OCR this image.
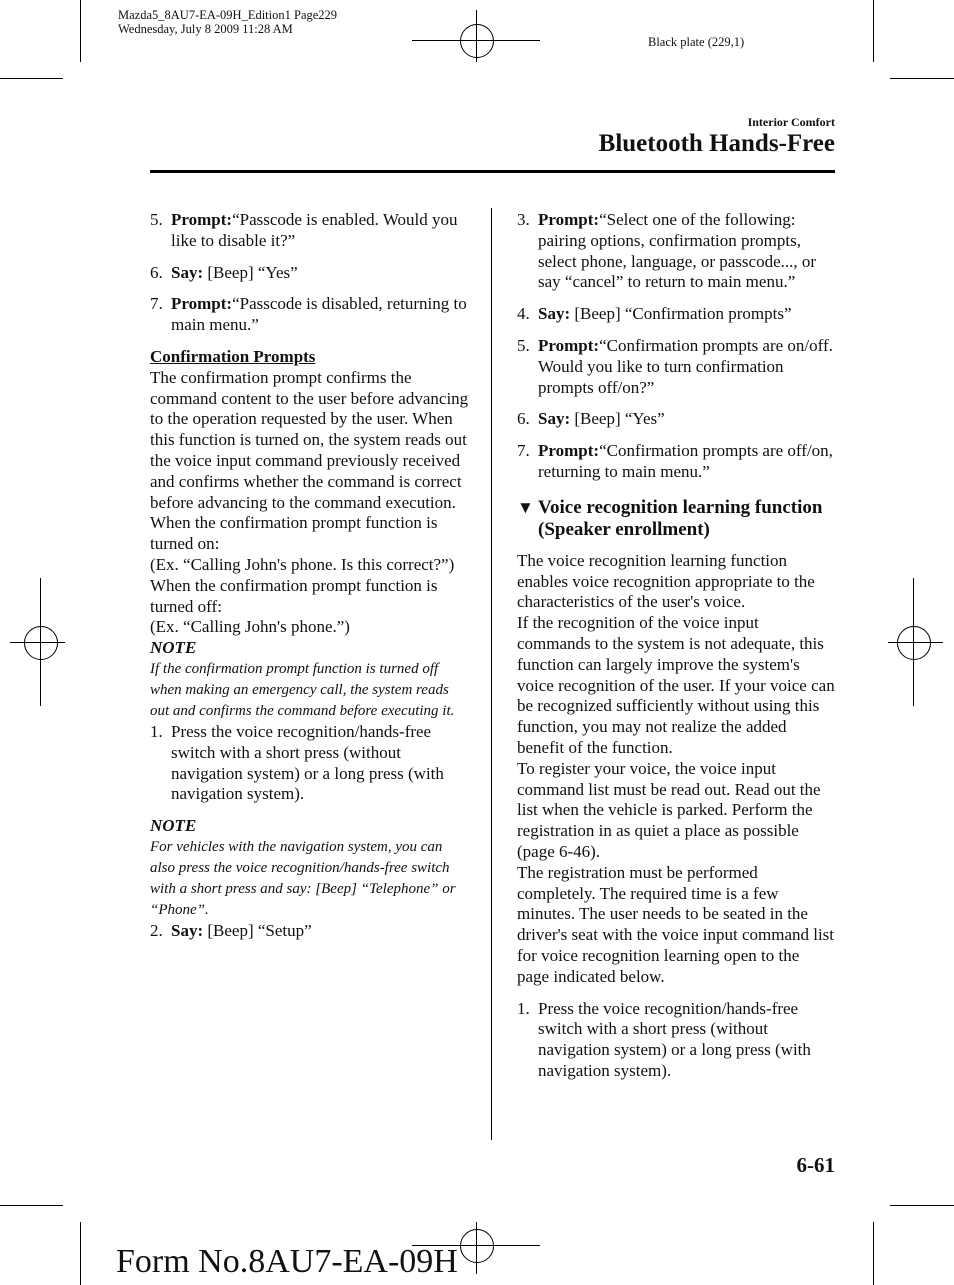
Mazda5_8AU7-EA-09H_Edition1 Page229
Wednesday, July 8 2009 11:28 AM
Black plate (229,1)
Interior Comfort
Bluetooth Hands-Free
5. Prompt:“Passcode is enabled. Would you like to disable it?”
6. Say: [Beep] “Yes”
7. Prompt:“Passcode is disabled, returning to main menu.”

Confirmation Prompts

The confirmation prompt confirms the command content to the user before advancing to the operation requested by the user. When this function is turned on, the system reads out the voice input command previously received and confirms whether the command is correct before advancing to the command execution.

When the confirmation prompt function is turned on:

(Ex. “Calling John's phone. Is this correct?”)

When the confirmation prompt function is turned off:

(Ex. “Calling John's phone.”)

NOTE

If the confirmation prompt function is turned off when making an emergency call, the system reads out and confirms the command before executing it.

1. Press the voice recognition/hands-free switch with a short press (without navigation system) or a long press (with navigation system).

NOTE

For vehicles with the navigation system, you can also press the voice recognition/hands-free switch with a short press and say: [Beep] “Telephone” or “Phone”.

2. Say: [Beep] “Setup”
3. Prompt:“Select one of the following: pairing options, confirmation prompts, select phone, language, or passcode..., or say “cancel” to return to main menu.”
4. Say: [Beep] “Confirmation prompts”
5. Prompt:“Confirmation prompts are on/off. Would you like to turn confirmation prompts off/on?”
6. Say: [Beep] “Yes”
7. Prompt:“Confirmation prompts are off/on, returning to main menu.”
▼ Voice recognition learning function (Speaker enrollment)

The voice recognition learning function enables voice recognition appropriate to the characteristics of the user's voice.

If the recognition of the voice input commands to the system is not adequate, this function can largely improve the system's voice recognition of the user. If your voice can be recognized sufficiently without using this function, you may not realize the added benefit of the function.

To register your voice, the voice input command list must be read out. Read out the list when the vehicle is parked. Perform the registration in as quiet a place as possible (page 6-46).

The registration must be performed completely. The required time is a few minutes. The user needs to be seated in the driver's seat with the voice input command list for voice recognition learning open to the page indicated below.

1. Press the voice recognition/hands-free switch with a short press (without navigation system) or a long press (with navigation system).
6-61
Form No.8AU7-EA-09H
